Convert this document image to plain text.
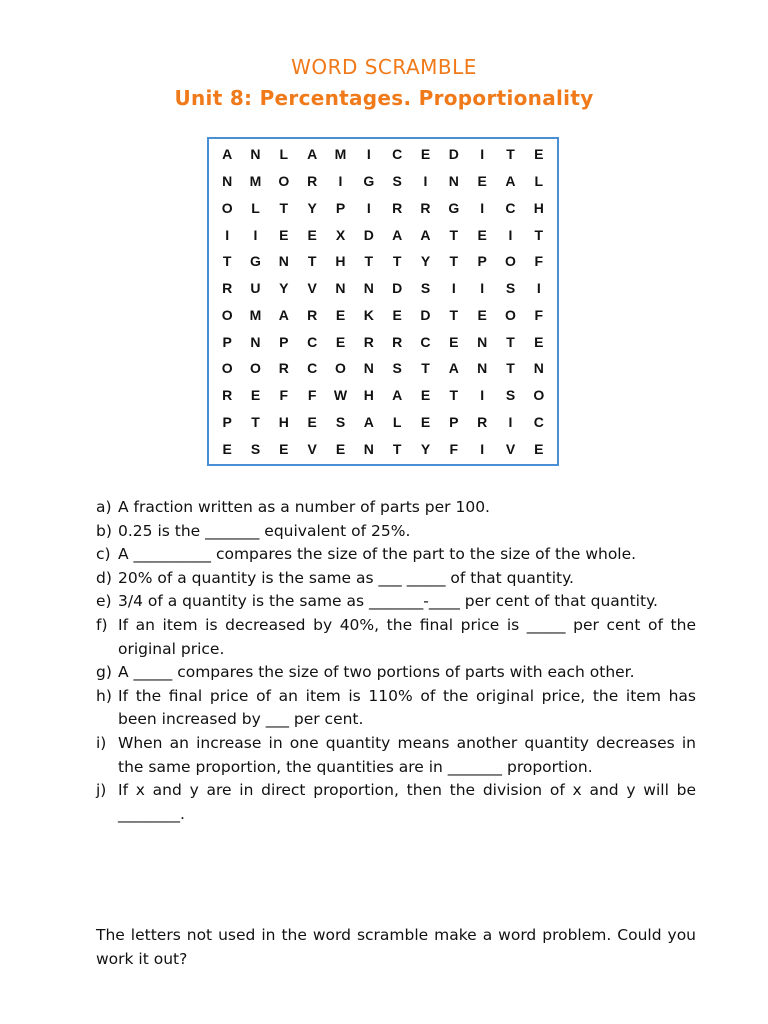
WORD SCRAMBLE
Unit 8: Percentages. Proportionality
A	N	L	A	M	I	C	E	D	I	T	E
N	M	O	R	I	G	S	I	N	E	A	L
O	L	T	Y	P	I	R	R	G	I	C	H
I	I	E	E	X	D	A	A	T	E	I	T
T	G	N	T	H	T	T	Y	T	P	O	F
R	U	Y	V	N	N	D	S	I	I	S	I
O	M	A	R	E	K	E	D	T	E	O	F
P	N	P	C	E	R	R	C	E	N	T	E
O	O	R	C	O	N	S	T	A	N	T	N
R	E	F	F	W	H	A	E	T	I	S	O
P	T	H	E	S	A	L	E	P	R	I	C
E	S	E	V	E	N	T	Y	F	I	V	E
a) A fraction written as a number of parts per 100.
b) 0.25 is the _______ equivalent of 25%.
c) A __________ compares the size of the part to the size of the whole.
d) 20% of a quantity is the same as ___ _____ of that quantity.
e) 3/4 of a quantity is the same as _______-____ per cent of that quantity.
f) If an item is decreased by 40%, the final price is _____ per cent of the original price.
g) A _____ compares the size of two portions of parts with each other.
h) If the final price of an item is 110% of the original price, the item has been increased by ___ per cent.
i) When an increase in one quantity means another quantity decreases in the same proportion, the quantities are in _______ proportion.
j) If x and y are in direct proportion, then the division of x and y will be ________.
The letters not used in the word scramble make a word problem. Could you work it out?
